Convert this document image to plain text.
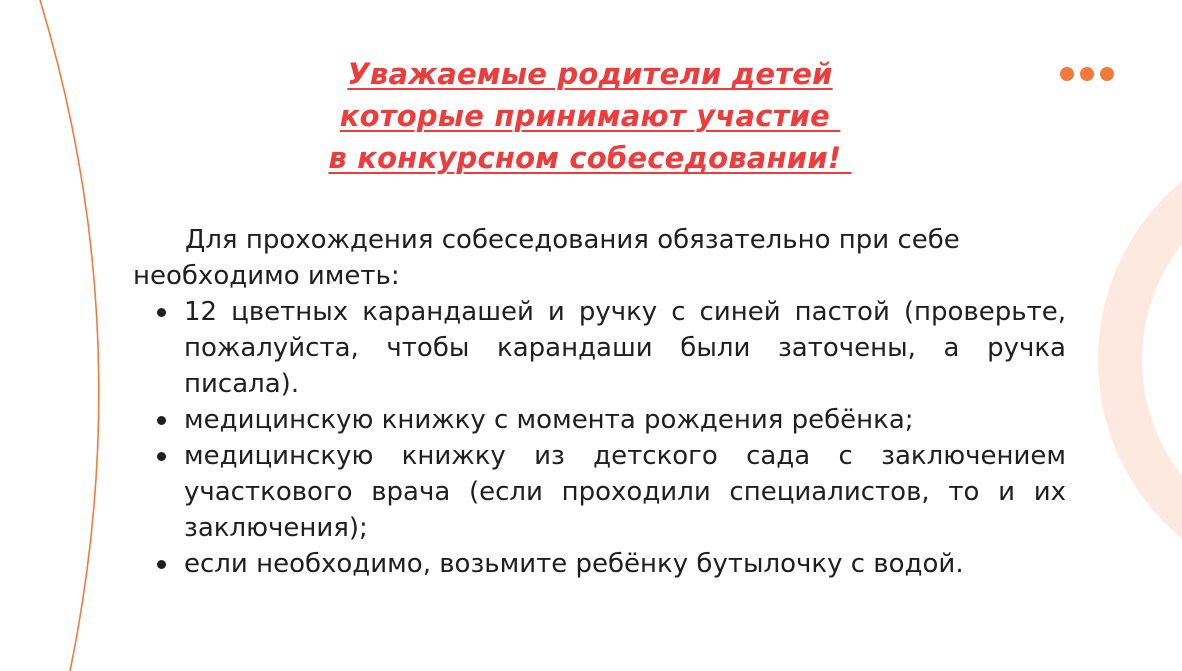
Уважаемые родители детей
которые принимают участие
в конкурсном собеседовании!

Для прохождения собеседования обязательно при себе необходимо иметь:

12 цветных карандашей и ручку с синей пастой (проверьте, пожалуйста, чтобы карандаши были заточены, а ручка писала).
медицинскую книжку с момента рождения ребёнка;
медицинскую книжку из детского сада с заключением участкового врача (если проходили специалистов, то и их заключения);
если необходимо, возьмите ребёнку бутылочку с водой.
